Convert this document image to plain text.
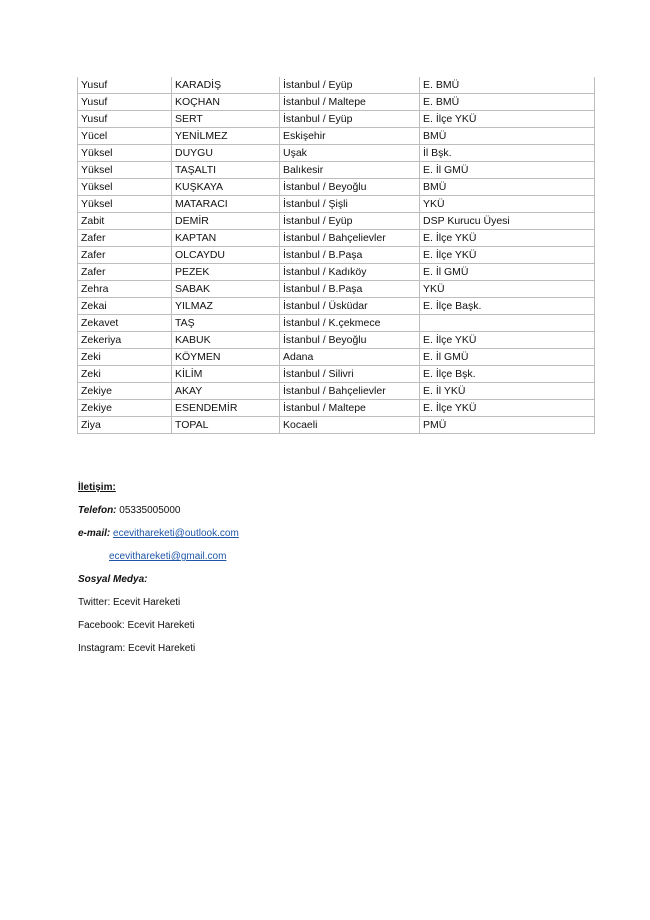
Yusuf	KARADİŞ	İstanbul / Eyüp	E. BMÜ
Yusuf	KOÇHAN	İstanbul / Maltepe	E. BMÜ
Yusuf	SERT	İstanbul / Eyüp	E. İlçe YKÜ
Yücel	YENİLMEZ	Eskişehir	BMÜ
Yüksel	DUYGU	Uşak	İl Bşk.
Yüksel	TAŞALTI	Balıkesir	E. İl GMÜ
Yüksel	KUŞKAYA	İstanbul / Beyoğlu	BMÜ
Yüksel	MATARACI	İstanbul / Şişli	YKÜ
Zabit	DEMİR	İstanbul / Eyüp	DSP Kurucu Üyesi
Zafer	KAPTAN	İstanbul / Bahçelievler	E. İlçe YKÜ
Zafer	OLCAYDU	İstanbul / B.Paşa	E. İlçe YKÜ
Zafer	PEZEK	İstanbul / Kadıköy	E. İl GMÜ
Zehra	SABAK	İstanbul / B.Paşa	YKÜ
Zekai	YILMAZ	İstanbul / Üsküdar	E. İlçe Başk.
Zekavet	TAŞ	İstanbul / K.çekmece	
Zekeriya	KABUK	İstanbul / Beyoğlu	E. İlçe YKÜ
Zeki	KÖYMEN	Adana	E. İl GMÜ
Zeki	KİLİM	İstanbul / Silivri	E. İlçe Bşk.
Zekiye	AKAY	İstanbul / Bahçelievler	E. İl YKÜ
Zekiye	ESENDEMİR	İstanbul / Maltepe	E. İlçe YKÜ
Ziya	TOPAL	Kocaeli	PMÜ

İletişim:

Telefon: 05335005000

e-mail: ecevithareketi@outlook.com

ecevithareketi@gmail.com

Sosyal Medya:

Twitter: Ecevit Hareketi

Facebook: Ecevit Hareketi

Instagram: Ecevit Hareketi
